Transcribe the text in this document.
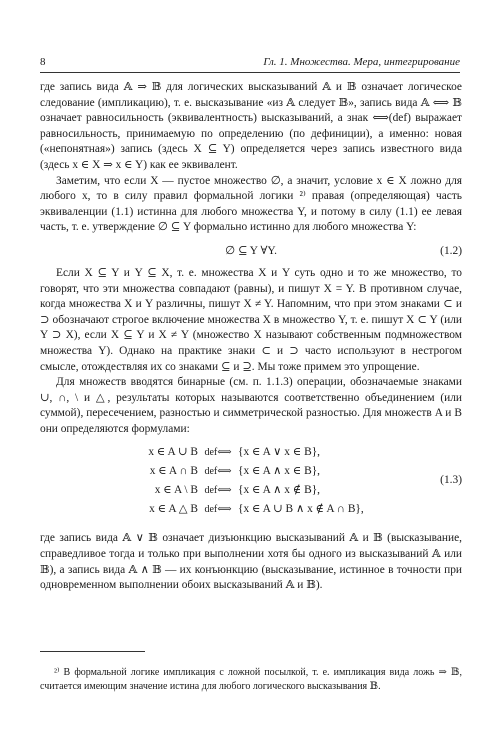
8	Гл. 1. Множества. Мера, интегрирование

где запись вида 𝔸 ⇒ 𝔹 для логических высказываний 𝔸 и 𝔹 означает логическое следование (импликацию), т. е. высказывание «из 𝔸 следует 𝔹», запись вида 𝔸 ⟺ 𝔹 означает равносильность (эквивалентность) высказываний, а знак ⟺(def) выражает равносильность, принимаемую по определению (по дефиниции), а именно: новая («непонятная») запись (здесь X ⊆ Y) определяется через запись известного вида (здесь x ∈ X ⇒ x ∈ Y) как ее эквивалент.

Заметим, что если X — пустое множество ∅, а значит, условие x ∈ X ложно для любого x, то в силу правил формальной логики ²⁾ правая (определяющая) часть эквиваленции (1.1) истинна для любого множества Y, и потому в силу (1.1) ее левая часть, т. е. утверждение ∅ ⊆ Y формально истинно для любого множества Y:

∅ ⊆ Y ∀Y.	(1.2)

Если X ⊆ Y и Y ⊆ X, т. е. множества X и Y суть одно и то же множество, то говорят, что эти множества совпадают (равны), и пишут X = Y. В противном случае, когда множества X и Y различны, пишут X ≠ Y. Напомним, что при этом знаками ⊂ и ⊃ обозначают строгое включение множества X в множество Y, т. е. пишут X ⊂ Y (или Y ⊃ X), если X ⊆ Y и X ≠ Y (множество X называют собственным подмножеством множества Y). Однако на практике знаки ⊂ и ⊃ часто используют в нестрогом смысле, отождествляя их со знаками ⊆ и ⊇. Мы тоже примем это упрощение.

Для множеств вводятся бинарные (см. п. 1.1.3) операции, обозначаемые знаками ∪, ∩, \ и △, результаты которых называются соответственно объединением (или суммой), пересечением, разностью и симметрической разностью. Для множеств A и B они определяются формулами:

x ∈ A ∪ B def⟺ {x ∈ A ∨ x ∈ B},
x ∈ A ∩ B def⟺ {x ∈ A ∧ x ∈ B},
x ∈ A \ B def⟺ {x ∈ A ∧ x ∉ B},
x ∈ A △ B def⟺ {x ∈ A ∪ B ∧ x ∉ A ∩ B},
(1.3)

где запись вида 𝔸 ∨ 𝔹 означает дизъюнкцию высказываний 𝔸 и 𝔹 (высказывание, справедливое тогда и только при выполнении хотя бы одного из высказываний 𝔸 или 𝔹), а запись вида 𝔸 ∧ 𝔹 — их конъюнкцию (высказывание, истинное в точности при одновременном выполнении обоих высказываний 𝔸 и 𝔹).

²⁾ В формальной логике импликация с ложной посылкой, т. е. импликация вида ложь ⇒ 𝔹, считается имеющим значение истина для любого логического высказывания 𝔹.
